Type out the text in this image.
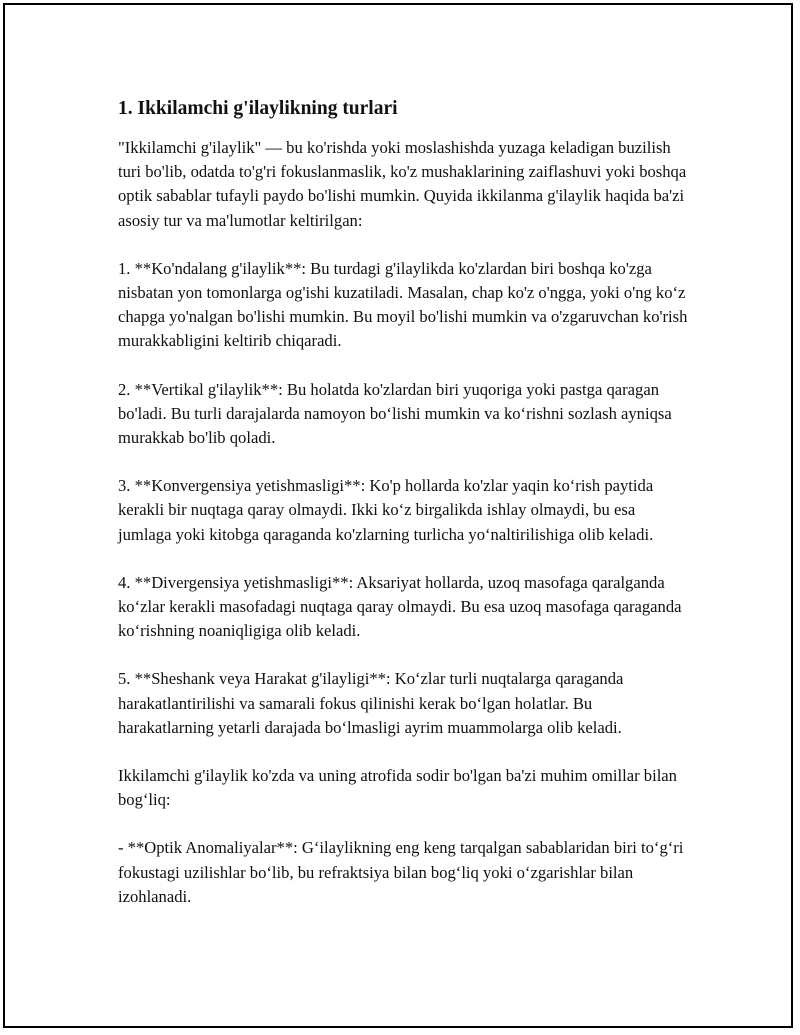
1. Ikkilamchi g'ilaylikning turlari

"Ikkilamchi g'ilaylik" — bu ko'rishda yoki moslashishda yuzaga keladigan buzilish turi bo'lib, odatda to'g'ri fokuslanmaslik, ko'z mushaklarining zaiflashuvi yoki boshqa optik sabablar tufayli paydo bo'lishi mumkin. Quyida ikkilanma g'ilaylik haqida ba'zi asosiy tur va ma'lumotlar keltirilgan:

1. **Ko'ndalang g'ilaylik**: Bu turdagi g'ilaylikda ko'zlardan biri boshqa ko'zga nisbatan yon tomonlarga og'ishi kuzatiladi. Masalan, chap ko'z o'ngga, yoki o'ng ko‘z chapga yo'nalgan bo'lishi mumkin. Bu moyil bo'lishi mumkin va o'zgaruvchan ko'rish murakkabligini keltirib chiqaradi.

2. **Vertikal g'ilaylik**: Bu holatda ko'zlardan biri yuqoriga yoki pastga qaragan bo'ladi. Bu turli darajalarda namoyon bo‘lishi mumkin va ko‘rishni sozlash ayniqsa murakkab bo'lib qoladi.

3. **Konvergensiya yetishmasligi**: Ko'p hollarda ko'zlar yaqin ko‘rish paytida kerakli bir nuqtaga qaray olmaydi. Ikki ko‘z birgalikda ishlay olmaydi, bu esa jumlaga yoki kitobga qaraganda ko'zlarning turlicha yo‘naltirilishiga olib keladi.

4. **Divergensiya yetishmasligi**: Aksariyat hollarda, uzoq masofaga qaralganda ko‘zlar kerakli masofadagi nuqtaga qaray olmaydi. Bu esa uzoq masofaga qaraganda ko‘rishning noaniqligiga olib keladi.

5. **Sheshank veya Harakat g'ilayligi**: Ko‘zlar turli nuqtalarga qaraganda harakatlantirilishi va samarali fokus qilinishi kerak bo‘lgan holatlar. Bu harakatlarning yetarli darajada bo‘lmasligi ayrim muammolarga olib keladi.

Ikkilamchi g'ilaylik ko'zda va uning atrofida sodir bo'lgan ba'zi muhim omillar bilan bog‘liq:

- **Optik Anomaliyalar**: G‘ilaylikning eng keng tarqalgan sabablaridan biri to‘g‘ri fokustagi uzilishlar bo‘lib, bu refraktsiya bilan bog‘liq yoki o‘zgarishlar bilan izohlanadi.
